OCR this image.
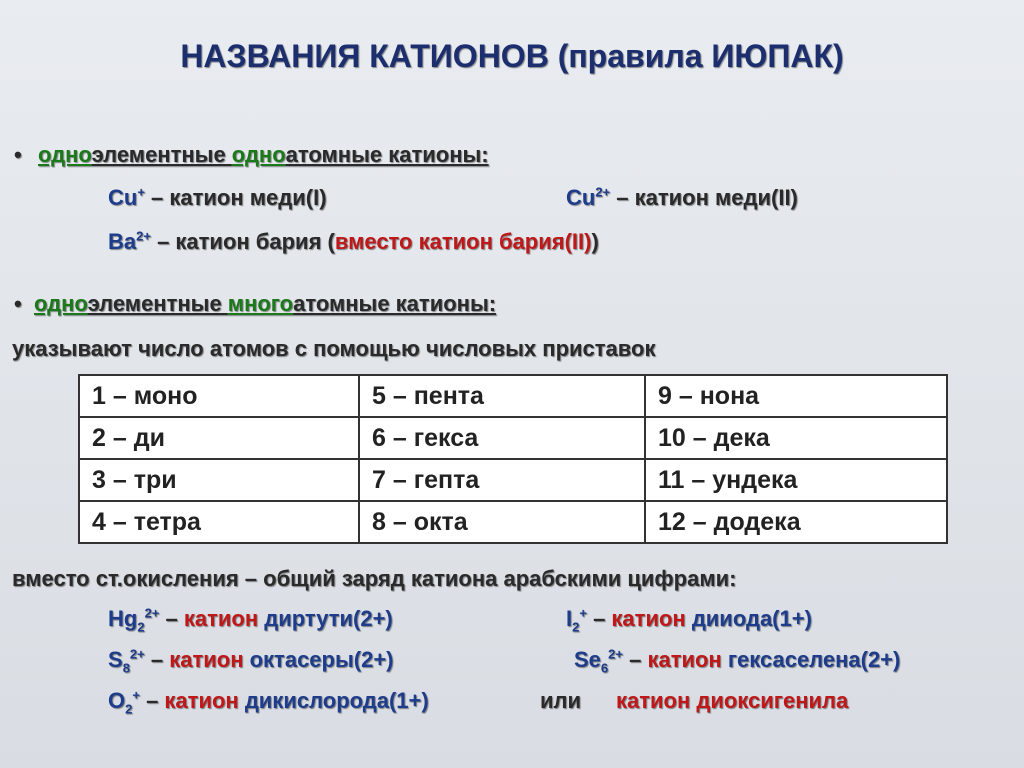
НАЗВАНИЯ КАТИОНОВ (правила ИЮПАК)
• одноэлементные одноатомные катионы:
Cu+ – катион меди(I)	$Cu^{2+}$ – катион меди(II)
$Ba^{2+}$ – катион бария (вместо катион бария(II))
• одноэлементные многоатомные катионы:
указывают число атомов с помощью числовых приставок
1 – моно	5 – пента	9 – нона
2 – ди	6 – гекса	10 – дека
3 – три	7 – гепта	11 – ундека
4 – тетра	8 – окта	12 – додека
вместо ст.окисления – общий заряд катиона арабскими цифрами:
$Hg_2^{2+}$ – катион диртути(2+)	$I_2^+$ – катион дииода(1+)
$S_8^{2+}$ – катион октасеры(2+)	$Se_6^{2+}$ – катион гексаселена(2+)
$O_2^+$ – катион дикислорода(1+)	или катион диоксигенила
